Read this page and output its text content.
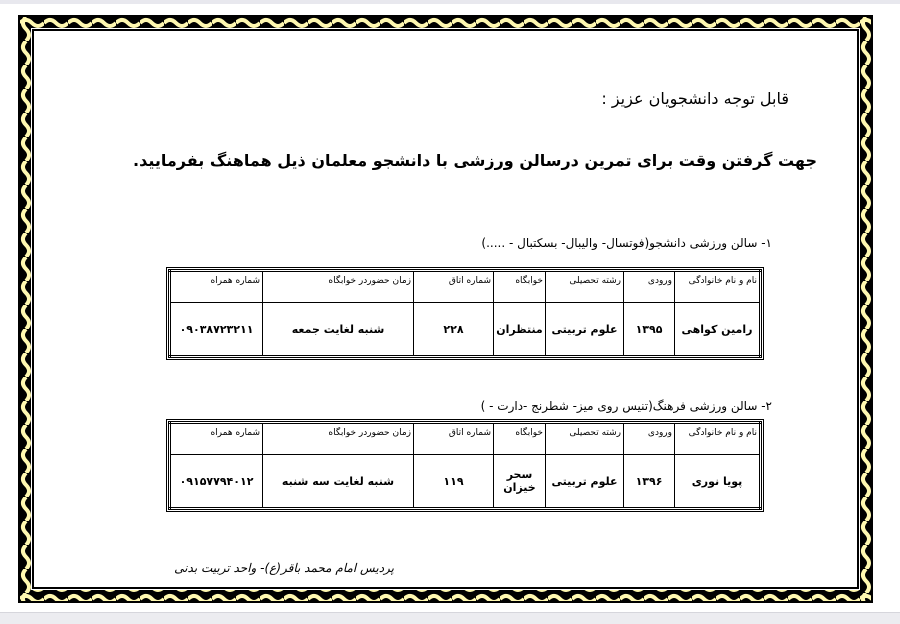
قابل توجه دانشجویان عزیز :
جهت گرفتن وقت برای تمرین درسالن ورزشی با دانشجو معلمان ذیل هماهنگ بفرمایید.
۱- سالن ورزشی دانشجو(فوتسال- والیبال- بسکتبال - .....)
نام و نام خانوادگی	ورودی	رشته تحصیلی	خوابگاه	شماره اتاق	زمان حضوردر خوابگاه	شماره همراه
رامین کواهی	۱۳۹۵	علوم تربیتی	منتظران	۲۲۸	شنبه لغایت جمعه	۰۹۰۳۸۷۲۳۲۱۱
۲- سالن ورزشی فرهنگ(تنیس روی میز- شطرنج -دارت - )
نام و نام خانوادگی	ورودی	رشته تحصیلی	خوابگاه	شماره اتاق	زمان حضوردر خوابگاه	شماره همراه
پویا نوری	۱۳۹۶	علوم تربیتی	سحر خیزان	۱۱۹	شنبه لغایت سه شنبه	۰۹۱۵۷۷۹۴۰۱۲
پردیس امام محمد باقر(ع)- واحد تربیت بدنی
